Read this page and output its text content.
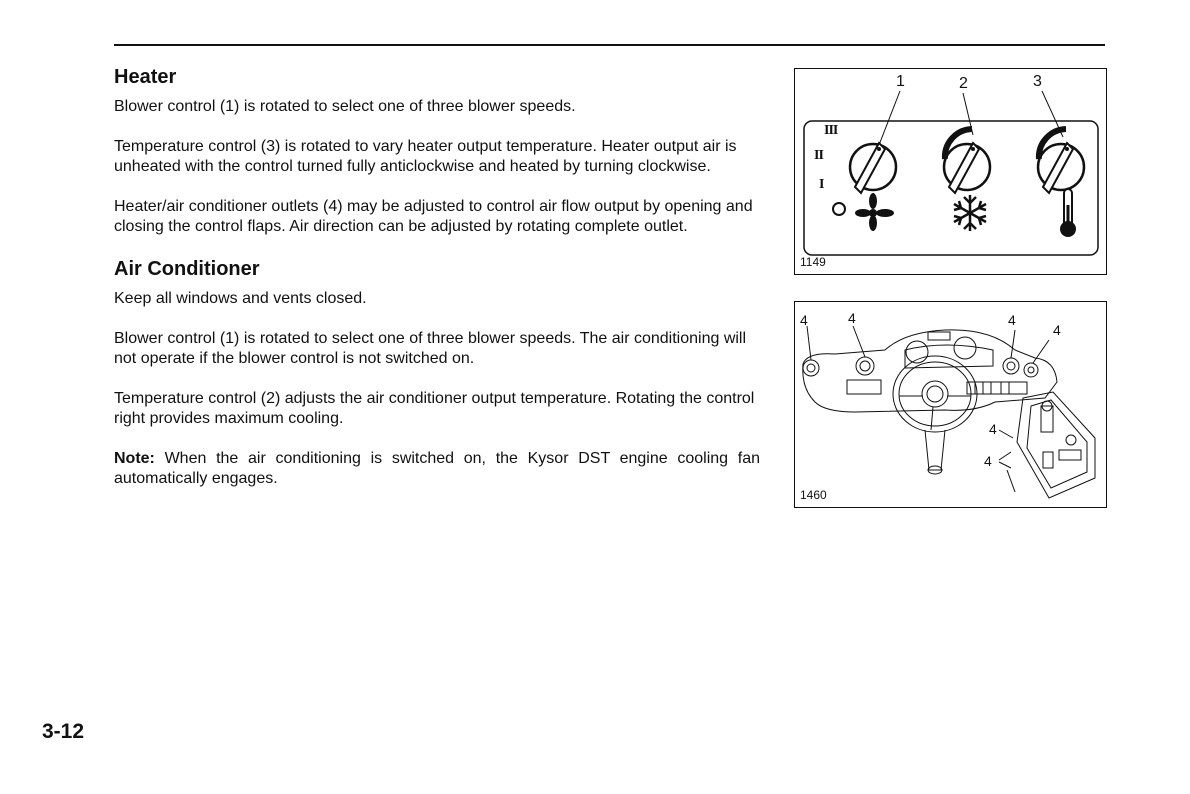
Heater

Blower control (1) is rotated to select one of three blower speeds.

Temperature control (3) is rotated to vary heater output temperature. Heater output air is unheated with the control turned fully anticlockwise and heated by turning clockwise.

Heater/air conditioner outlets (4) may be adjusted to control air flow output by opening and closing the control flaps. Air direction can be adjusted by rotating complete outlet.

Air Conditioner

Keep all windows and vents closed.

Blower control (1) is rotated to select one of three blower speeds. The air conditioning will not operate if the blower control is not switched on.

Temperature control (2) adjusts the air conditioner output temperature. Rotating the control right provides maximum cooling.

Note: When the air conditioning is switched on, the Kysor DST engine cooling fan automatically engages.

1	2	3
III
II
I
1149
4	4	4
4
4
4
1460
3-12
